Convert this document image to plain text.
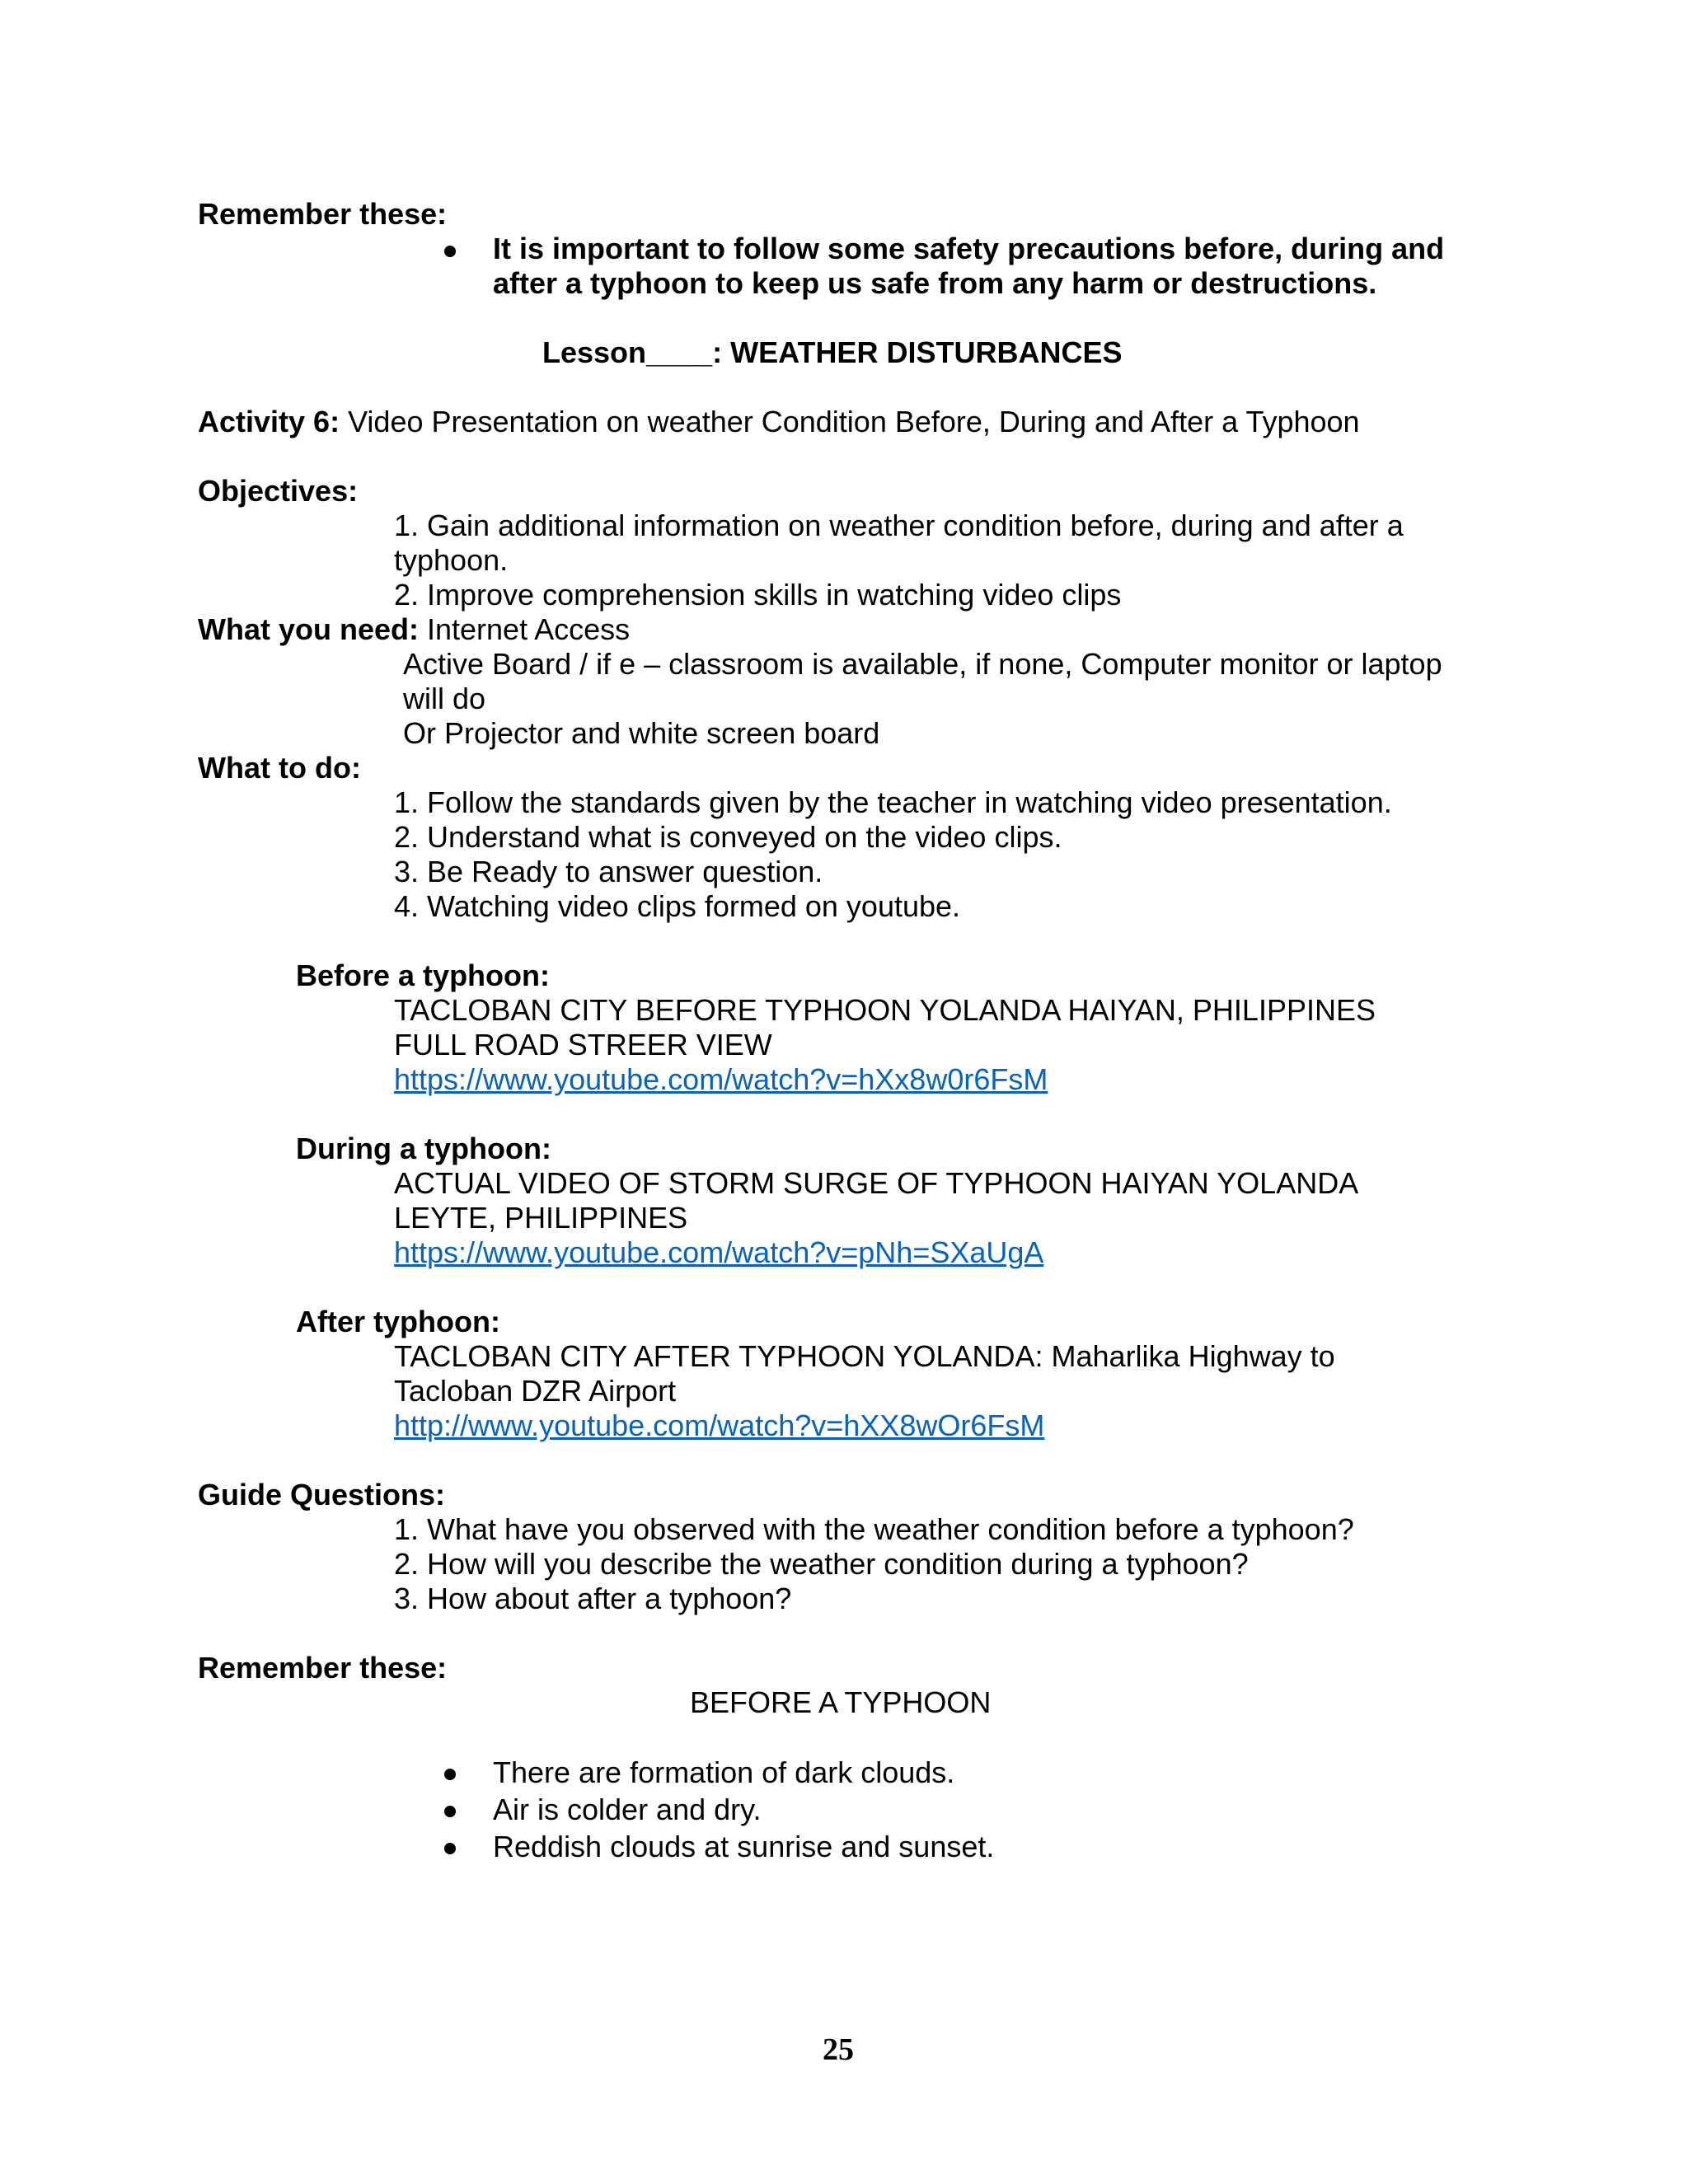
Remember these:
It is important to follow some safety precautions before, during and
after a typhoon to keep us safe from any harm or destructions.
Lesson____: WEATHER DISTURBANCES
Activity 6: Video Presentation on weather Condition Before, During and After a Typhoon
Objectives:
1. Gain additional information on weather condition before, during and after a
typhoon.
2. Improve comprehension skills in watching video clips
What you need: Internet Access
Active Board / if e – classroom is available, if none, Computer monitor or laptop
will do
Or Projector and white screen board
What to do:
1. Follow the standards given by the teacher in watching video presentation.
2. Understand what is conveyed on the video clips.
3. Be Ready to answer question.
4. Watching video clips formed on youtube.
Before a typhoon:
TACLOBAN CITY BEFORE TYPHOON YOLANDA HAIYAN, PHILIPPINES
FULL ROAD STREER VIEW
https://www.youtube.com/watch?v=hXx8w0r6FsM
During a typhoon:
ACTUAL VIDEO OF STORM SURGE OF TYPHOON HAIYAN YOLANDA
LEYTE, PHILIPPINES
https://www.youtube.com/watch?v=pNh=SXaUgA
After typhoon:
TACLOBAN CITY AFTER TYPHOON YOLANDA: Maharlika Highway to
Tacloban DZR Airport
http://www.youtube.com/watch?v=hXX8wOr6FsM
Guide Questions:
1. What have you observed with the weather condition before a typhoon?
2. How will you describe the weather condition during a typhoon?
3. How about after a typhoon?
Remember these:
BEFORE A TYPHOON
There are formation of dark clouds.
Air is colder and dry.
Reddish clouds at sunrise and sunset.
25
